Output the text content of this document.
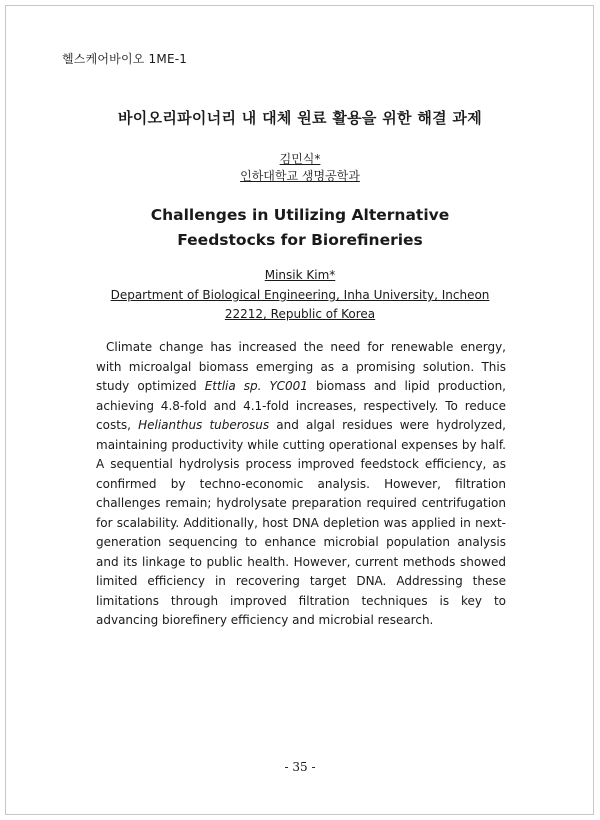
헬스케어바이오 1ME-1
바이오리파이너리 내 대체 원료 활용을 위한 해결 과제
김민식*
인하대학교 생명공학과
Challenges in Utilizing Alternative Feedstocks for Biorefineries
Minsik Kim*
Department of Biological Engineering, Inha University, Incheon 22212, Republic of Korea
Climate change has increased the need for renewable energy, with microalgal biomass emerging as a promising solution. This study optimized Ettlia sp. YC001 biomass and lipid production, achieving 4.8-fold and 4.1-fold increases, respectively. To reduce costs, Helianthus tuberosus and algal residues were hydrolyzed, maintaining productivity while cutting operational expenses by half. A sequential hydrolysis process improved feedstock efficiency, as confirmed by techno-economic analysis. However, filtration challenges remain; hydrolysate preparation required centrifugation for scalability. Additionally, host DNA depletion was applied in next-generation sequencing to enhance microbial population analysis and its linkage to public health. However, current methods showed limited efficiency in recovering target DNA. Addressing these limitations through improved filtration techniques is key to advancing biorefinery efficiency and microbial research.
- 35 -
